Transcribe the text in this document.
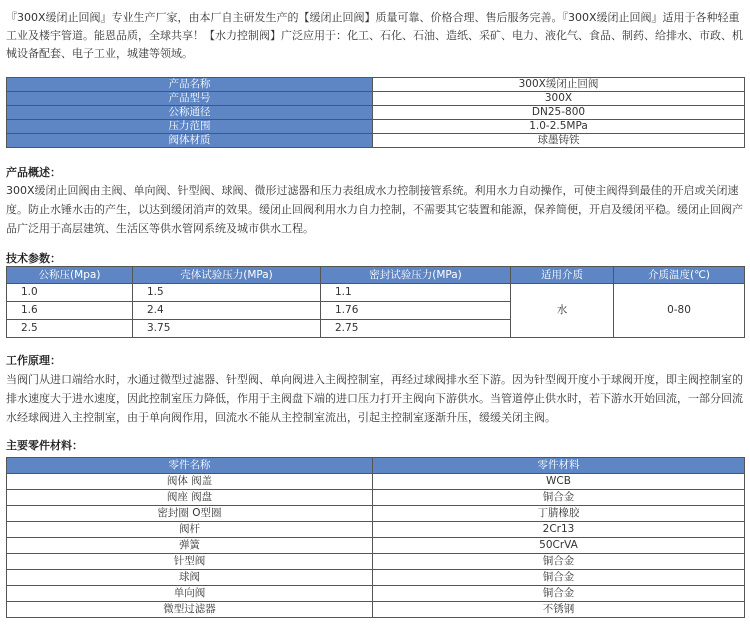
『300X缓闭止回阀』专业生产厂家，由本厂自主研发生产的【缓闭止回阀】质量可靠、价格合理、售后服务完善。『300X缓闭止回阀』适用于各种轻重工业及楼宇管道。能恩品质，全球共享！【水力控制阀】广泛应用于：化工、石化、石油、造纸、采矿、电力、液化气、食品、制药、给排水、市政、机械设备配套、电子工业，城建等领域。

产品名称	300X缓闭止回阀
产品型号	300X
公称通径	DN25-800
压力范围	1.0-2.5MPa
阀体材质	球墨铸铁
产品概述：

300X缓闭止回阀由主阀、单向阀、针型阀、球阀、微形过滤器和压力表组成水力控制接管系统。利用水力自动操作，可使主阀得到最佳的开启或关闭速度。防止水锤水击的产生，以达到缓闭消声的效果。缓闭止回阀利用水力自力控制，不需要其它装置和能源，保养简便，开启及缓闭平稳。缓闭止回阀产品广泛用于高层建筑、生活区等供水管网系统及城市供水工程。

技术参数：
公称压(Mpa)	壳体试验压力(MPa)	密封试验压力(MPa)	适用介质	介质温度(℃)
1.0	1.5	1.1	水	0-80
1.6	2.4	1.76		
2.5	3.75	2.75		
工作原理：

当阀门从进口端给水时，水通过微型过滤器、针型阀、单向阀进入主阀控制室，再经过球阀排水至下游。因为针型阀开度小于球阀开度，即主阀控制室的排水速度大于进水速度，因此控制室压力降低，作用于主阀盘下端的进口压力打开主阀向下游供水。当管道停止供水时，若下游水开始回流，一部分回流水经球阀进入主控制室，由于单向阀作用，回流水不能从主控制室流出，引起主控制室逐渐升压，缓缓关闭主阀。

主要零件材料：
零件名称	零件材料
阀体 阀盖	WCB
阀座 阀盘	铜合金
密封圈 O型圈	丁腈橡胶
阀杆	2Cr13
弹簧	50CrVA
针型阀	铜合金
球阀	铜合金
单向阀	铜合金
微型过滤器	不锈钢
